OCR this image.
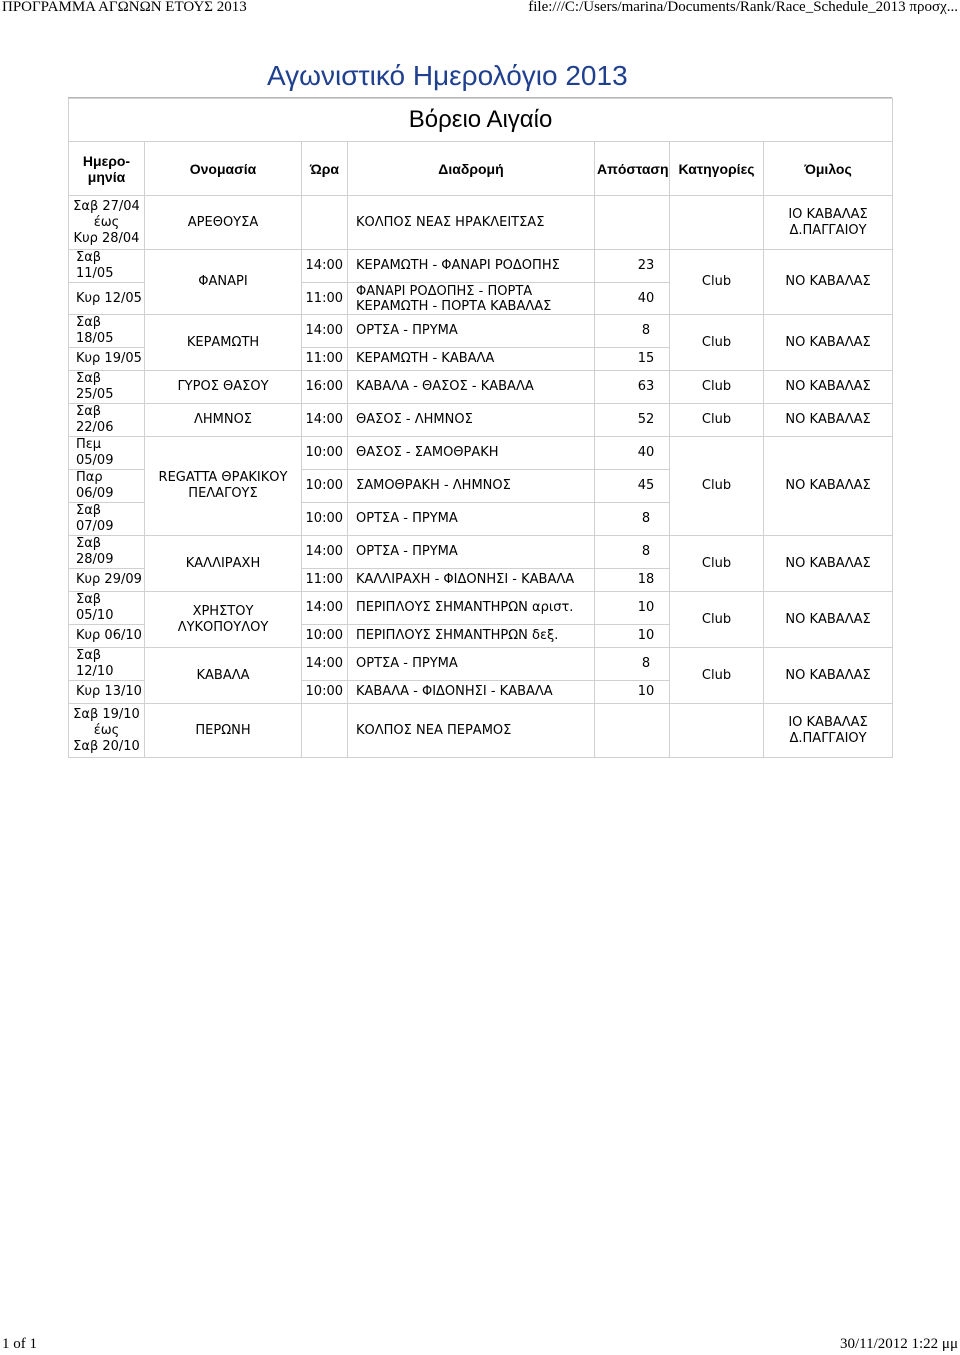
ΠΡΟΓΡΑΜΜΑ ΑΓΩΝΩΝ ΕΤΟΥΣ 2013	file:///C:/Users/marina/Documents/Rank/Race_Schedule_2013 προσχ...
Αγωνιστικό Ημερολόγιο 2013
Βόρειο Αιγαίο						

Ημερο-
μηνία	Ονομασία	Ώρα	Διαδρομή	Απόσταση	Κατηγορίες	Όμιλος

Σαβ 27/04
έως
Κυρ 28/04	ΑΡΕΘΟΥΣΑ		ΚΟΛΠΟΣ ΝΕΑΣ ΗΡΑΚΛΕΙΤΣΑΣ			ΙΟ ΚΑΒΑΛΑΣ
Δ.ΠΑΓΓΑΙΟΥ

Σαβ 11/05	ΦΑΝΑΡΙ	14:00	ΚΕΡΑΜΩΤΗ - ΦΑΝΑΡΙ ΡΟΔΟΠΗΣ	23	Club	ΝΟ ΚΑΒΑΛΑΣ

Κυρ 12/05		11:00	ΦΑΝΑΡΙ ΡΟΔΟΠΗΣ - ΠΟΡΤΑ
ΚΕΡΑΜΩΤΗ - ΠΟΡΤΑ ΚΑΒΑΛΑΣ	40		
Σαβ 18/05	ΚΕΡΑΜΩΤΗ	14:00	ΟΡΤΣΑ - ΠΡΥΜΑ	8	Club	ΝΟ ΚΑΒΑΛΑΣ

Κυρ 19/05		11:00	ΚΕΡΑΜΩΤΗ - ΚΑΒΑΛΑ	15		
Σαβ 25/05	ΓΥΡΟΣ ΘΑΣΟΥ	16:00	ΚΑΒΑΛΑ - ΘΑΣΟΣ - ΚΑΒΑΛΑ	63	Club	ΝΟ ΚΑΒΑΛΑΣ

Σαβ 22/06	ΛΗΜΝΟΣ	14:00	ΘΑΣΟΣ - ΛΗΜΝΟΣ	52	Club	ΝΟ ΚΑΒΑΛΑΣ

Πεμ 05/09	REGATTA ΘΡΑΚΙΚΟΥ
ΠΕΛΑΓΟΥΣ	10:00	ΘΑΣΟΣ - ΣΑΜΟΘΡΑΚΗ	40	Club	ΝΟ ΚΑΒΑΛΑΣ

Παρ 06/09		10:00	ΣΑΜΟΘΡΑΚΗ - ΛΗΜΝΟΣ	45		
Σαβ 07/09		10:00	ΟΡΤΣΑ - ΠΡΥΜΑ	8		
Σαβ 28/09	ΚΑΛΛΙΡΑΧΗ	14:00	ΟΡΤΣΑ - ΠΡΥΜΑ	8	Club	ΝΟ ΚΑΒΑΛΑΣ

Κυρ 29/09		11:00	ΚΑΛΛΙΡΑΧΗ - ΦΙΔΟΝΗΣΙ - ΚΑΒΑΛΑ	18		
Σαβ 05/10	ΧΡΗΣΤΟΥ
ΛΥΚΟΠΟΥΛΟΥ	14:00	ΠΕΡΙΠΛΟΥΣ ΣΗΜΑΝΤΗΡΩΝ αριστ.	10	Club	ΝΟ ΚΑΒΑΛΑΣ

Κυρ 06/10		10:00	ΠΕΡΙΠΛΟΥΣ ΣΗΜΑΝΤΗΡΩΝ δεξ.	10		
Σαβ 12/10	ΚΑΒΑΛΑ	14:00	ΟΡΤΣΑ - ΠΡΥΜΑ	8	Club	ΝΟ ΚΑΒΑΛΑΣ

Κυρ 13/10		10:00	ΚΑΒΑΛΑ - ΦΙΔΟΝΗΣΙ - ΚΑΒΑΛΑ	10		

Σαβ 19/10
έως
Σαβ 20/10	ΠΕΡΩΝΗ		ΚΟΛΠΟΣ ΝΕΑ ΠΕΡΑΜΟΣ			ΙΟ ΚΑΒΑΛΑΣ
Δ.ΠΑΓΓΑΙΟΥ
1 of 1	30/11/2012 1:22 μμ
